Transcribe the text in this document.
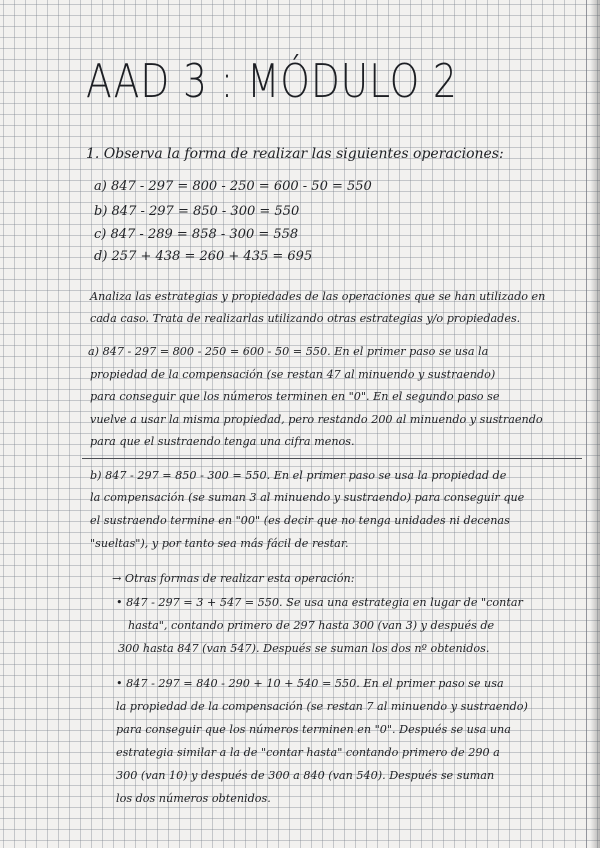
AAD 3 : MÓDULO 2

1. Observa la forma de realizar las siguientes operaciones:

a) 847 - 297 = 800 - 250 = 600 - 50 = 550

b) 847 - 297 = 850 - 300 = 550

c) 847 - 289 = 858 - 300 = 558

d) 257 + 438 = 260 + 435 = 695

Analiza las estrategias y propiedades de las operaciones que se han utilizado en

cada caso. Trata de realizarlas utilizando otras estrategias y/o propiedades.

a) 847 - 297 = 800 - 250 = 600 - 50 = 550. En el primer paso se usa la

propiedad de la compensación (se restan 47 al minuendo y sustraendo)

para conseguir que los números terminen en "0". En el segundo paso se

vuelve a usar la misma propiedad, pero restando 200 al minuendo y sustraendo

para que el sustraendo tenga una cifra menos.

b) 847 - 297 = 850 - 300 = 550. En el primer paso se usa la propiedad de

la compensación (se suman 3 al minuendo y sustraendo) para conseguir que

el sustraendo termine en "00" (es decir que no tenga unidades ni decenas

"sueltas"), y por tanto sea más fácil de restar.

→ Otras formas de realizar esta operación:

• 847 - 297 = 3 + 547 = 550. Se usa una estrategia en lugar de "contar

hasta", contando primero de 297 hasta 300 (van 3) y después de

300 hasta 847 (van 547). Después se suman los dos nº obtenidos.

• 847 - 297 = 840 - 290 + 10 + 540 = 550. En el primer paso se usa

la propiedad de la compensación (se restan 7 al minuendo y sustraendo)

para conseguir que los números terminen en "0". Después se usa una

estrategia similar a la de "contar hasta" contando primero de 290 a

300 (van 10) y después de 300 a 840 (van 540). Después se suman

los dos números obtenidos.
